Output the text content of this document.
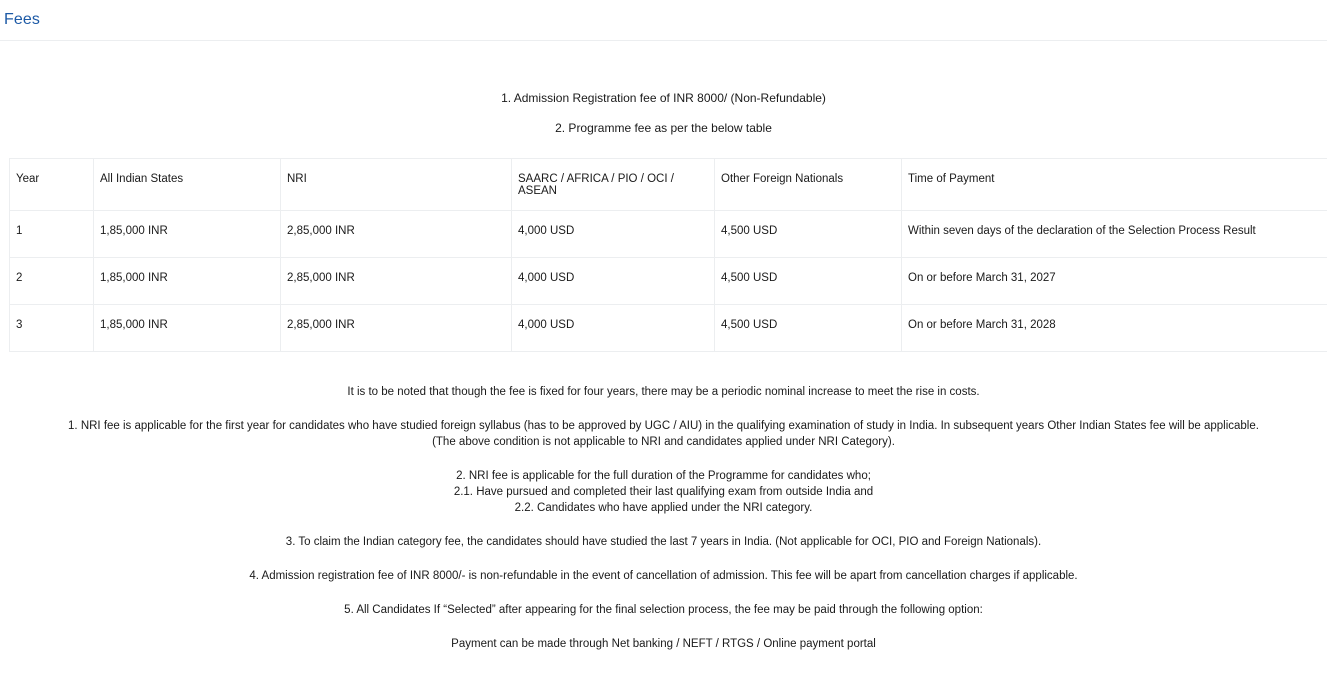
Fees
1. Admission Registration fee of INR 8000/ (Non-Refundable)
2. Programme fee as per the below table
Year	All Indian States	NRI	SAARC / AFRICA / PIO / OCI / ASEAN	Other Foreign Nationals	Time of Payment
1	1,85,000 INR	2,85,000 INR	4,000 USD	4,500 USD	Within seven days of the declaration of the Selection Process Result
2	1,85,000 INR	2,85,000 INR	4,000 USD	4,500 USD	On or before March 31, 2027
3	1,85,000 INR	2,85,000 INR	4,000 USD	4,500 USD	On or before March 31, 2028
It is to be noted that though the fee is fixed for four years, there may be a periodic nominal increase to meet the rise in costs.
1. NRI fee is applicable for the first year for candidates who have studied foreign syllabus (has to be approved by UGC / AIU) in the qualifying examination of study in India. In subsequent years Other Indian States fee will be applicable.
(The above condition is not applicable to NRI and candidates applied under NRI Category).
2. NRI fee is applicable for the full duration of the Programme for candidates who;
2.1. Have pursued and completed their last qualifying exam from outside India and
2.2. Candidates who have applied under the NRI category.
3. To claim the Indian category fee, the candidates should have studied the last 7 years in India. (Not applicable for OCI, PIO and Foreign Nationals).
4. Admission registration fee of INR 8000/- is non-refundable in the event of cancellation of admission. This fee will be apart from cancellation charges if applicable.
5. All Candidates If “Selected” after appearing for the final selection process, the fee may be paid through the following option:
Payment can be made through Net banking / NEFT / RTGS / Online payment portal
